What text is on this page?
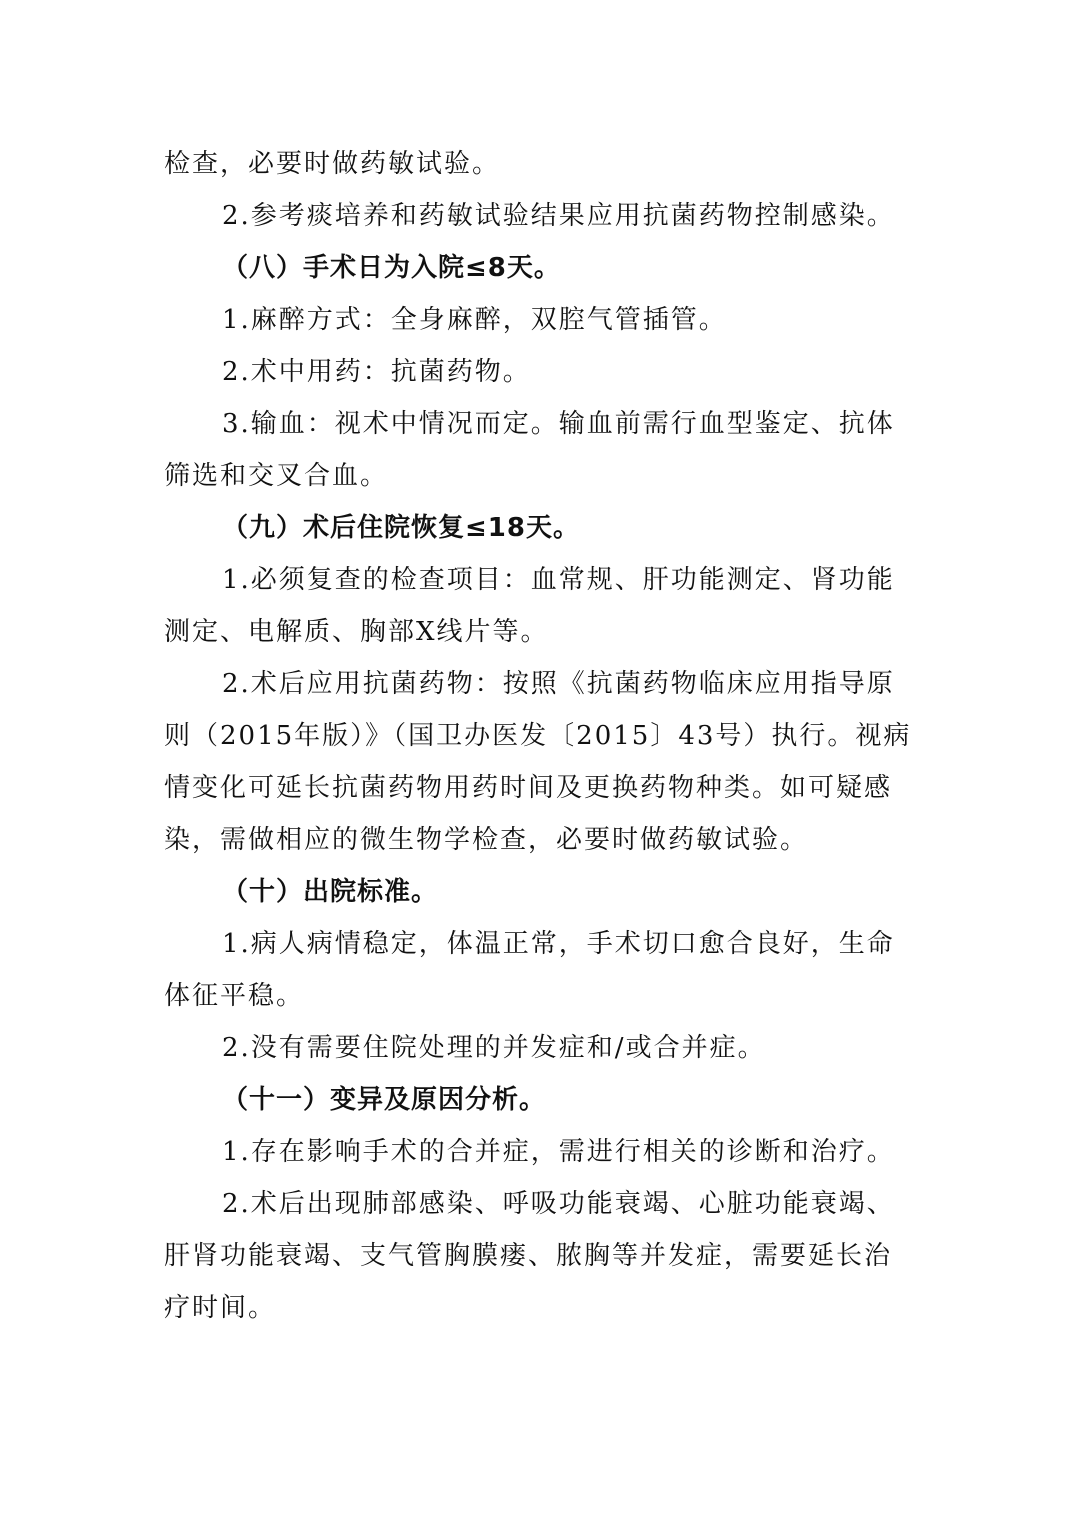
检查，必要时做药敏试验。
2.参考痰培养和药敏试验结果应用抗菌药物控制感染。
（八）手术日为入院≤8天。
1.麻醉方式：全身麻醉，双腔气管插管。
2.术中用药：抗菌药物。
3.输血：视术中情况而定。输血前需行血型鉴定、抗体
筛选和交叉合血。
（九）术后住院恢复≤18天。
1.必须复查的检查项目：血常规、肝功能测定、肾功能
测定、电解质、胸部X线片等。
2.术后应用抗菌药物：按照《抗菌药物临床应用指导原
则（2015年版）》（国卫办医发〔2015〕43号）执行。视病
情变化可延长抗菌药物用药时间及更换药物种类。如可疑感
染，需做相应的微生物学检查，必要时做药敏试验。
（十）出院标准。
1.病人病情稳定，体温正常，手术切口愈合良好，生命
体征平稳。
2.没有需要住院处理的并发症和/或合并症。
（十一）变异及原因分析。
1.存在影响手术的合并症，需进行相关的诊断和治疗。
2.术后出现肺部感染、呼吸功能衰竭、心脏功能衰竭、
肝肾功能衰竭、支气管胸膜瘘、脓胸等并发症，需要延长治
疗时间。
